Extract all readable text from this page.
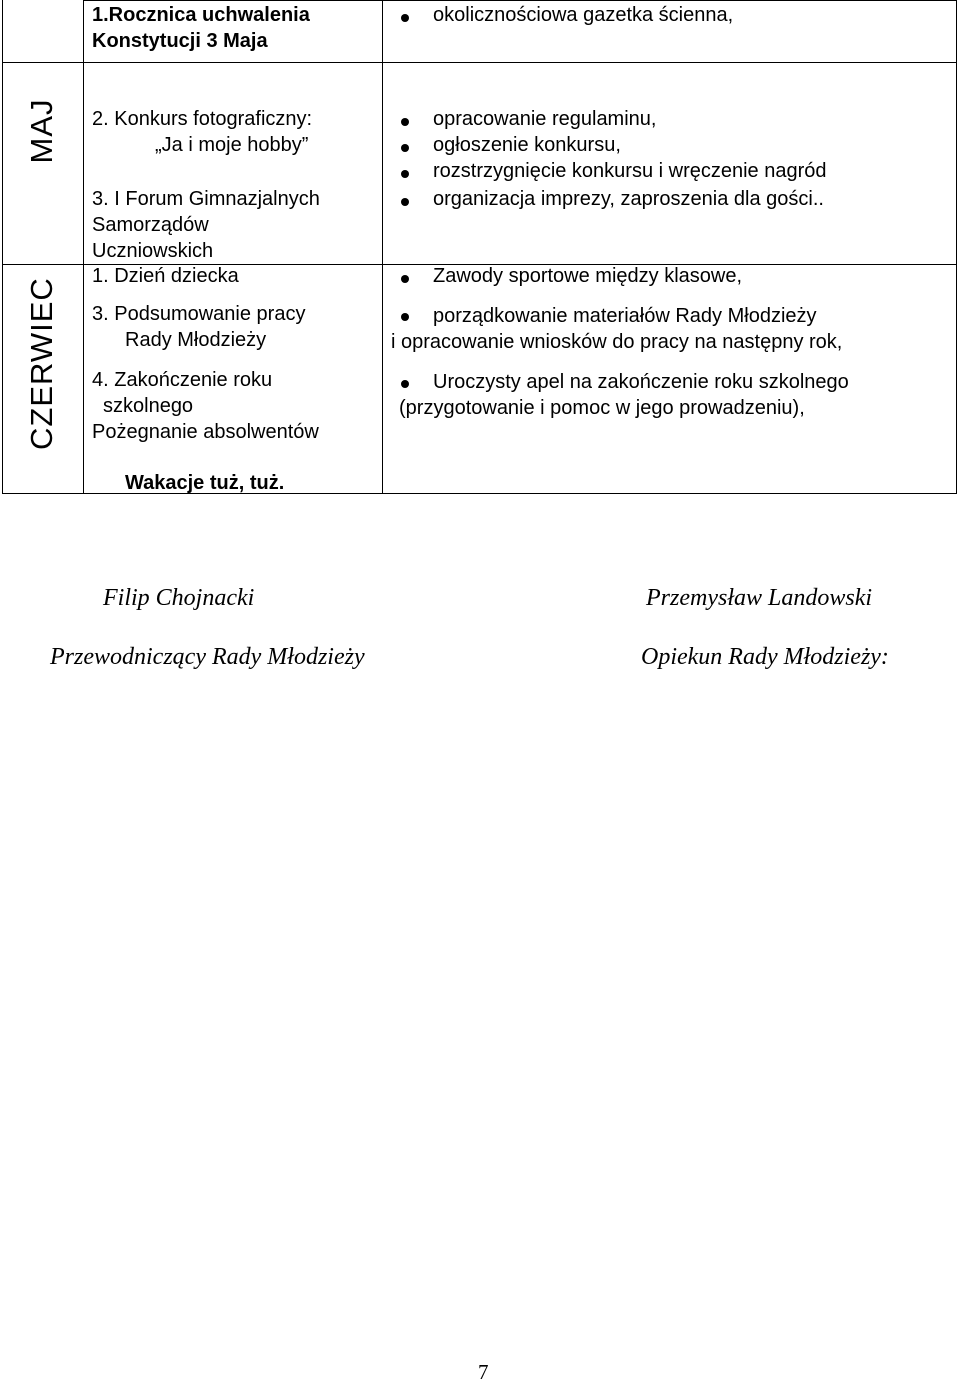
MAJ
CZERWIEC
1.Rocznica uchwalenia
Konstytucji 3 Maja
okolicznościowa gazetka ścienna,
2. Konkurs fotograficzny:
„Ja i moje hobby”
opracowanie regulaminu,
ogłoszenie konkursu,
rozstrzygnięcie konkursu i wręczenie nagród
3. I Forum Gimnazjalnych
Samorządów
Uczniowskich
organizacja imprezy, zaproszenia dla gości..
1. Dzień dziecka	Zawody sportowe między klasowe,
3. Podsumowanie pracy
Rady Młodzieży
porządkowanie materiałów Rady Młodzieży
i opracowanie wniosków do pracy na następny rok,
4. Zakończenie roku
szkolnego
Pożegnanie absolwentów
Wakacje tuż, tuż.
Uroczysty apel na zakończenie roku szkolnego
(przygotowanie i pomoc w jego prowadzeniu),
Filip Chojnacki
Przewodniczący Rady Młodzieży
Przemysław Landowski
Opiekun Rady Młodzieży:
7
